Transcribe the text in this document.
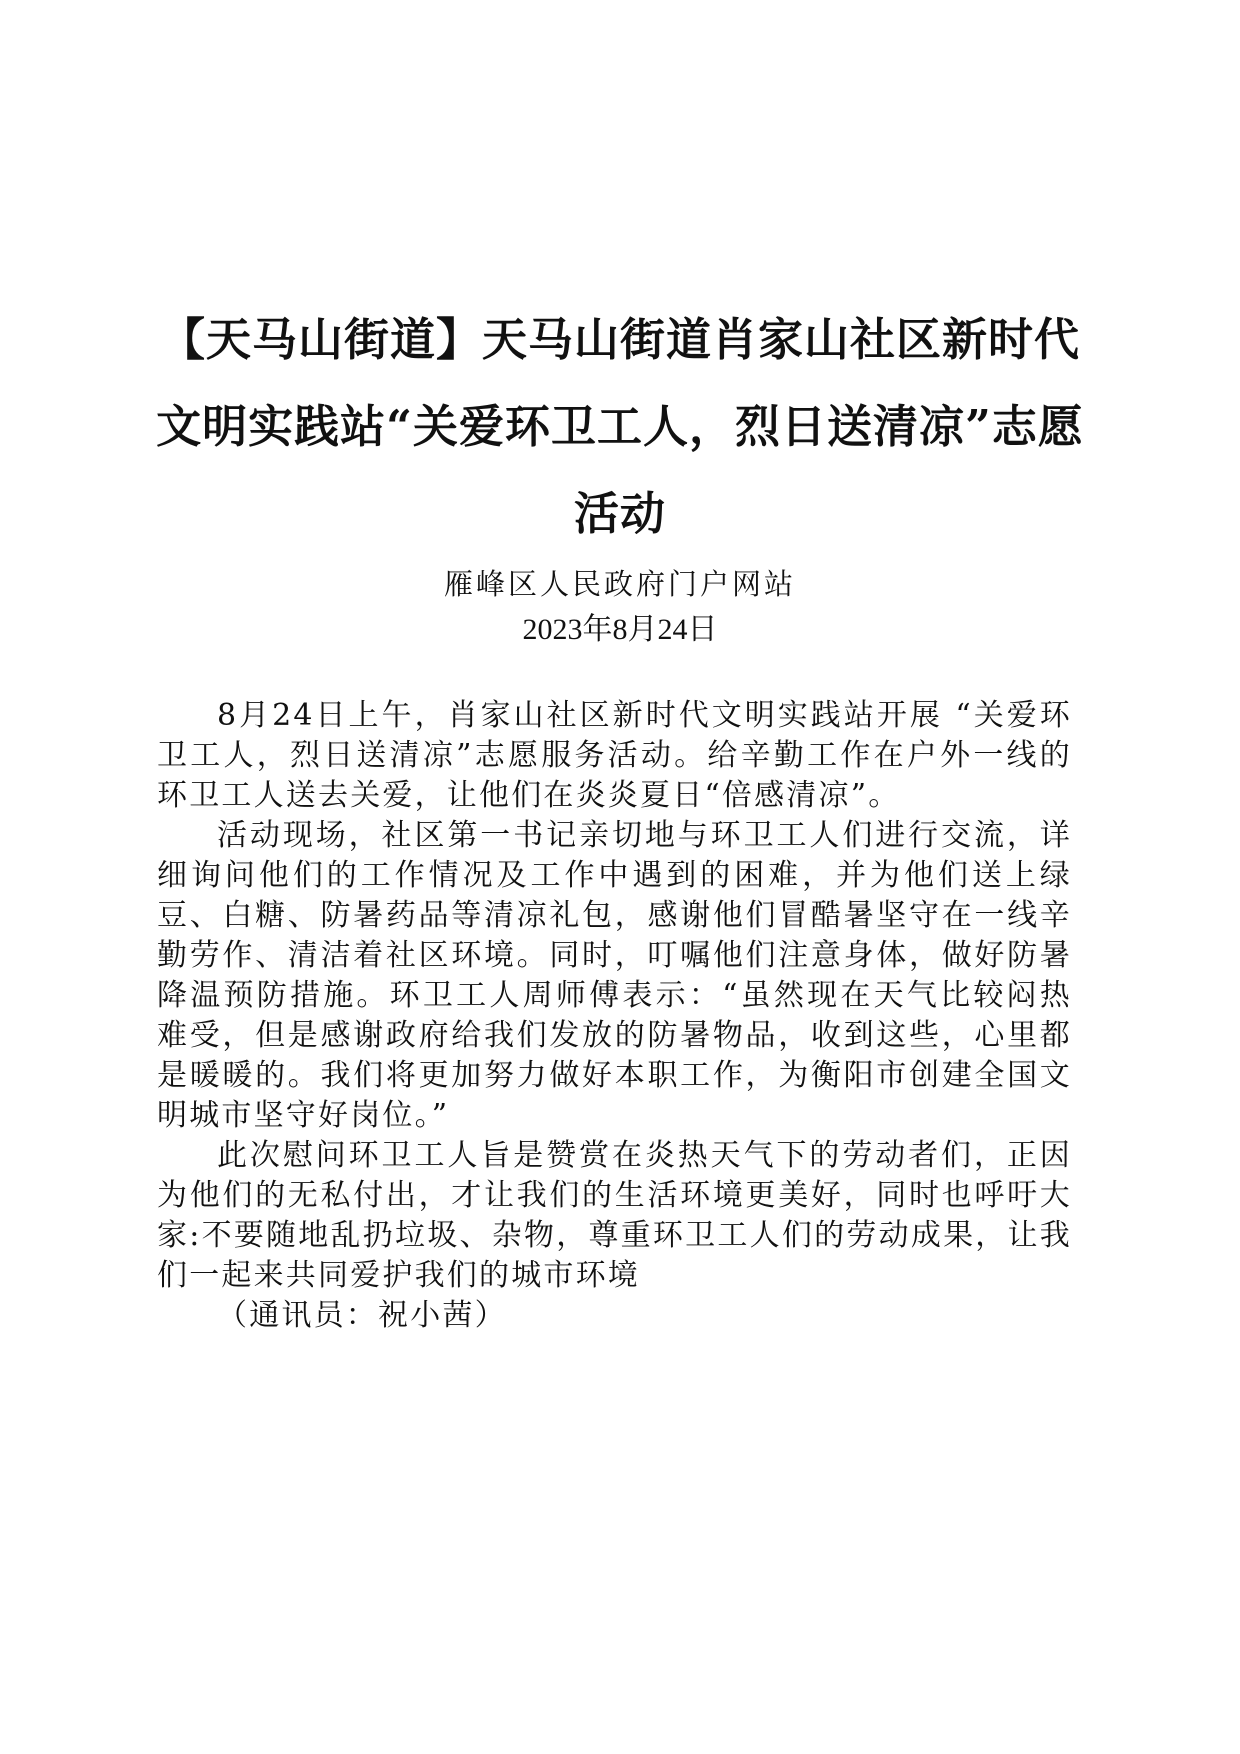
【天马山街道】天马山街道肖家山社区新时代文明实践站“关爱环卫工人，烈日送清凉”志愿活动
雁峰区人民政府门户网站
2023年8月24日

8月24日上午，肖家山社区新时代文明实践站开展 “关爱环卫工人，烈日送清凉”志愿服务活动。给辛勤工作在户外一线的环卫工人送去关爱，让他们在炎炎夏日“倍感清凉”。

活动现场，社区第一书记亲切地与环卫工人们进行交流，详细询问他们的工作情况及工作中遇到的困难，并为他们送上绿豆、白糖、防暑药品等清凉礼包，感谢他们冒酷暑坚守在一线辛勤劳作、清洁着社区环境。同时，叮嘱他们注意身体，做好防暑降温预防措施。环卫工人周师傅表示：“虽然现在天气比较闷热难受，但是感谢政府给我们发放的防暑物品，收到这些，心里都是暖暖的。我们将更加努力做好本职工作，为衡阳市创建全国文明城市坚守好岗位。”

此次慰问环卫工人旨是赞赏在炎热天气下的劳动者们，正因为他们的无私付出，才让我们的生活环境更美好，同时也呼吁大家:不要随地乱扔垃圾、杂物，尊重环卫工人们的劳动成果，让我们一起来共同爱护我们的城市环境

（通讯员：祝小茜）
